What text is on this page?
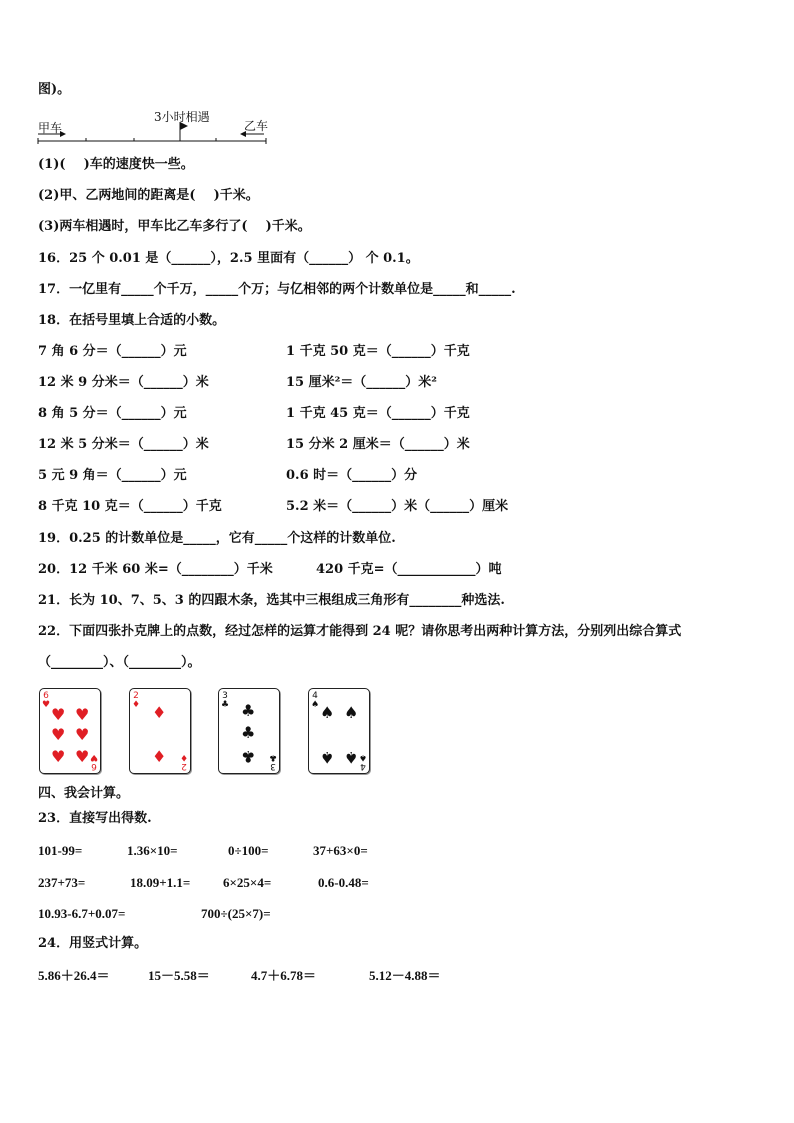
图)。
3小时相遇
甲车	乙车
(1)(    )车的速度快一些。
(2)甲、乙两地间的距离是(    )千米。
(3)两车相遇时，甲车比乙车多行了(    )千米。
16．25 个 0.01 是（______），2.5 里面有（______） 个 0.1。
17．一亿里有_____个千万，_____个万；与亿相邻的两个计数单位是_____和_____.
18．在括号里填上合适的小数。
7 角 6 分＝（______）元	1 千克 50 克＝（______）千克
12 米 9 分米＝（______）米	15 厘米²＝（______）米²
8 角 5 分＝（______）元	1 千克 45 克＝（______）千克
12 米 5 分米＝（______）米	15 分米 2 厘米＝（______）米
5 元 9 角＝（______）元	0.6 时＝（______）分
8 千克 10 克＝（______）千克	5.2 米＝（______）米（______）厘米
19．0.25 的计数单位是_____，它有_____个这样的计数单位.
20．12 千米 60 米=（________）千米	420 千克=（____________）吨
21．长为 10、7、5、3 的四跟木条，选其中三根组成三角形有________种选法.
22．下面四张扑克牌上的点数，经过怎样的运算才能得到 24 呢？请你思考出两种计算方法，分别列出综合算式
（________）、（________）。
6
♥ ♥ ♥
♥ ♥
♥ ♥ 6
♥
2
♦ ♦
♦ 2
♦
3
♣ ♣
♣
♣ 3
♣
4
♠ ♠ ♠
♠ ♠ 4
♠
四、我会计算。
23．直接写出得数.
101-99=	1.36×10=	0÷100=	37+63×0=
237+73=	18.09+1.1=	6×25×4=	0.6-0.48=
10.93-6.7+0.07=	700÷(25×7)=
24．用竖式计算。
5.86＋26.4＝	15－5.58＝	4.7＋6.78＝	5.12－4.88＝
